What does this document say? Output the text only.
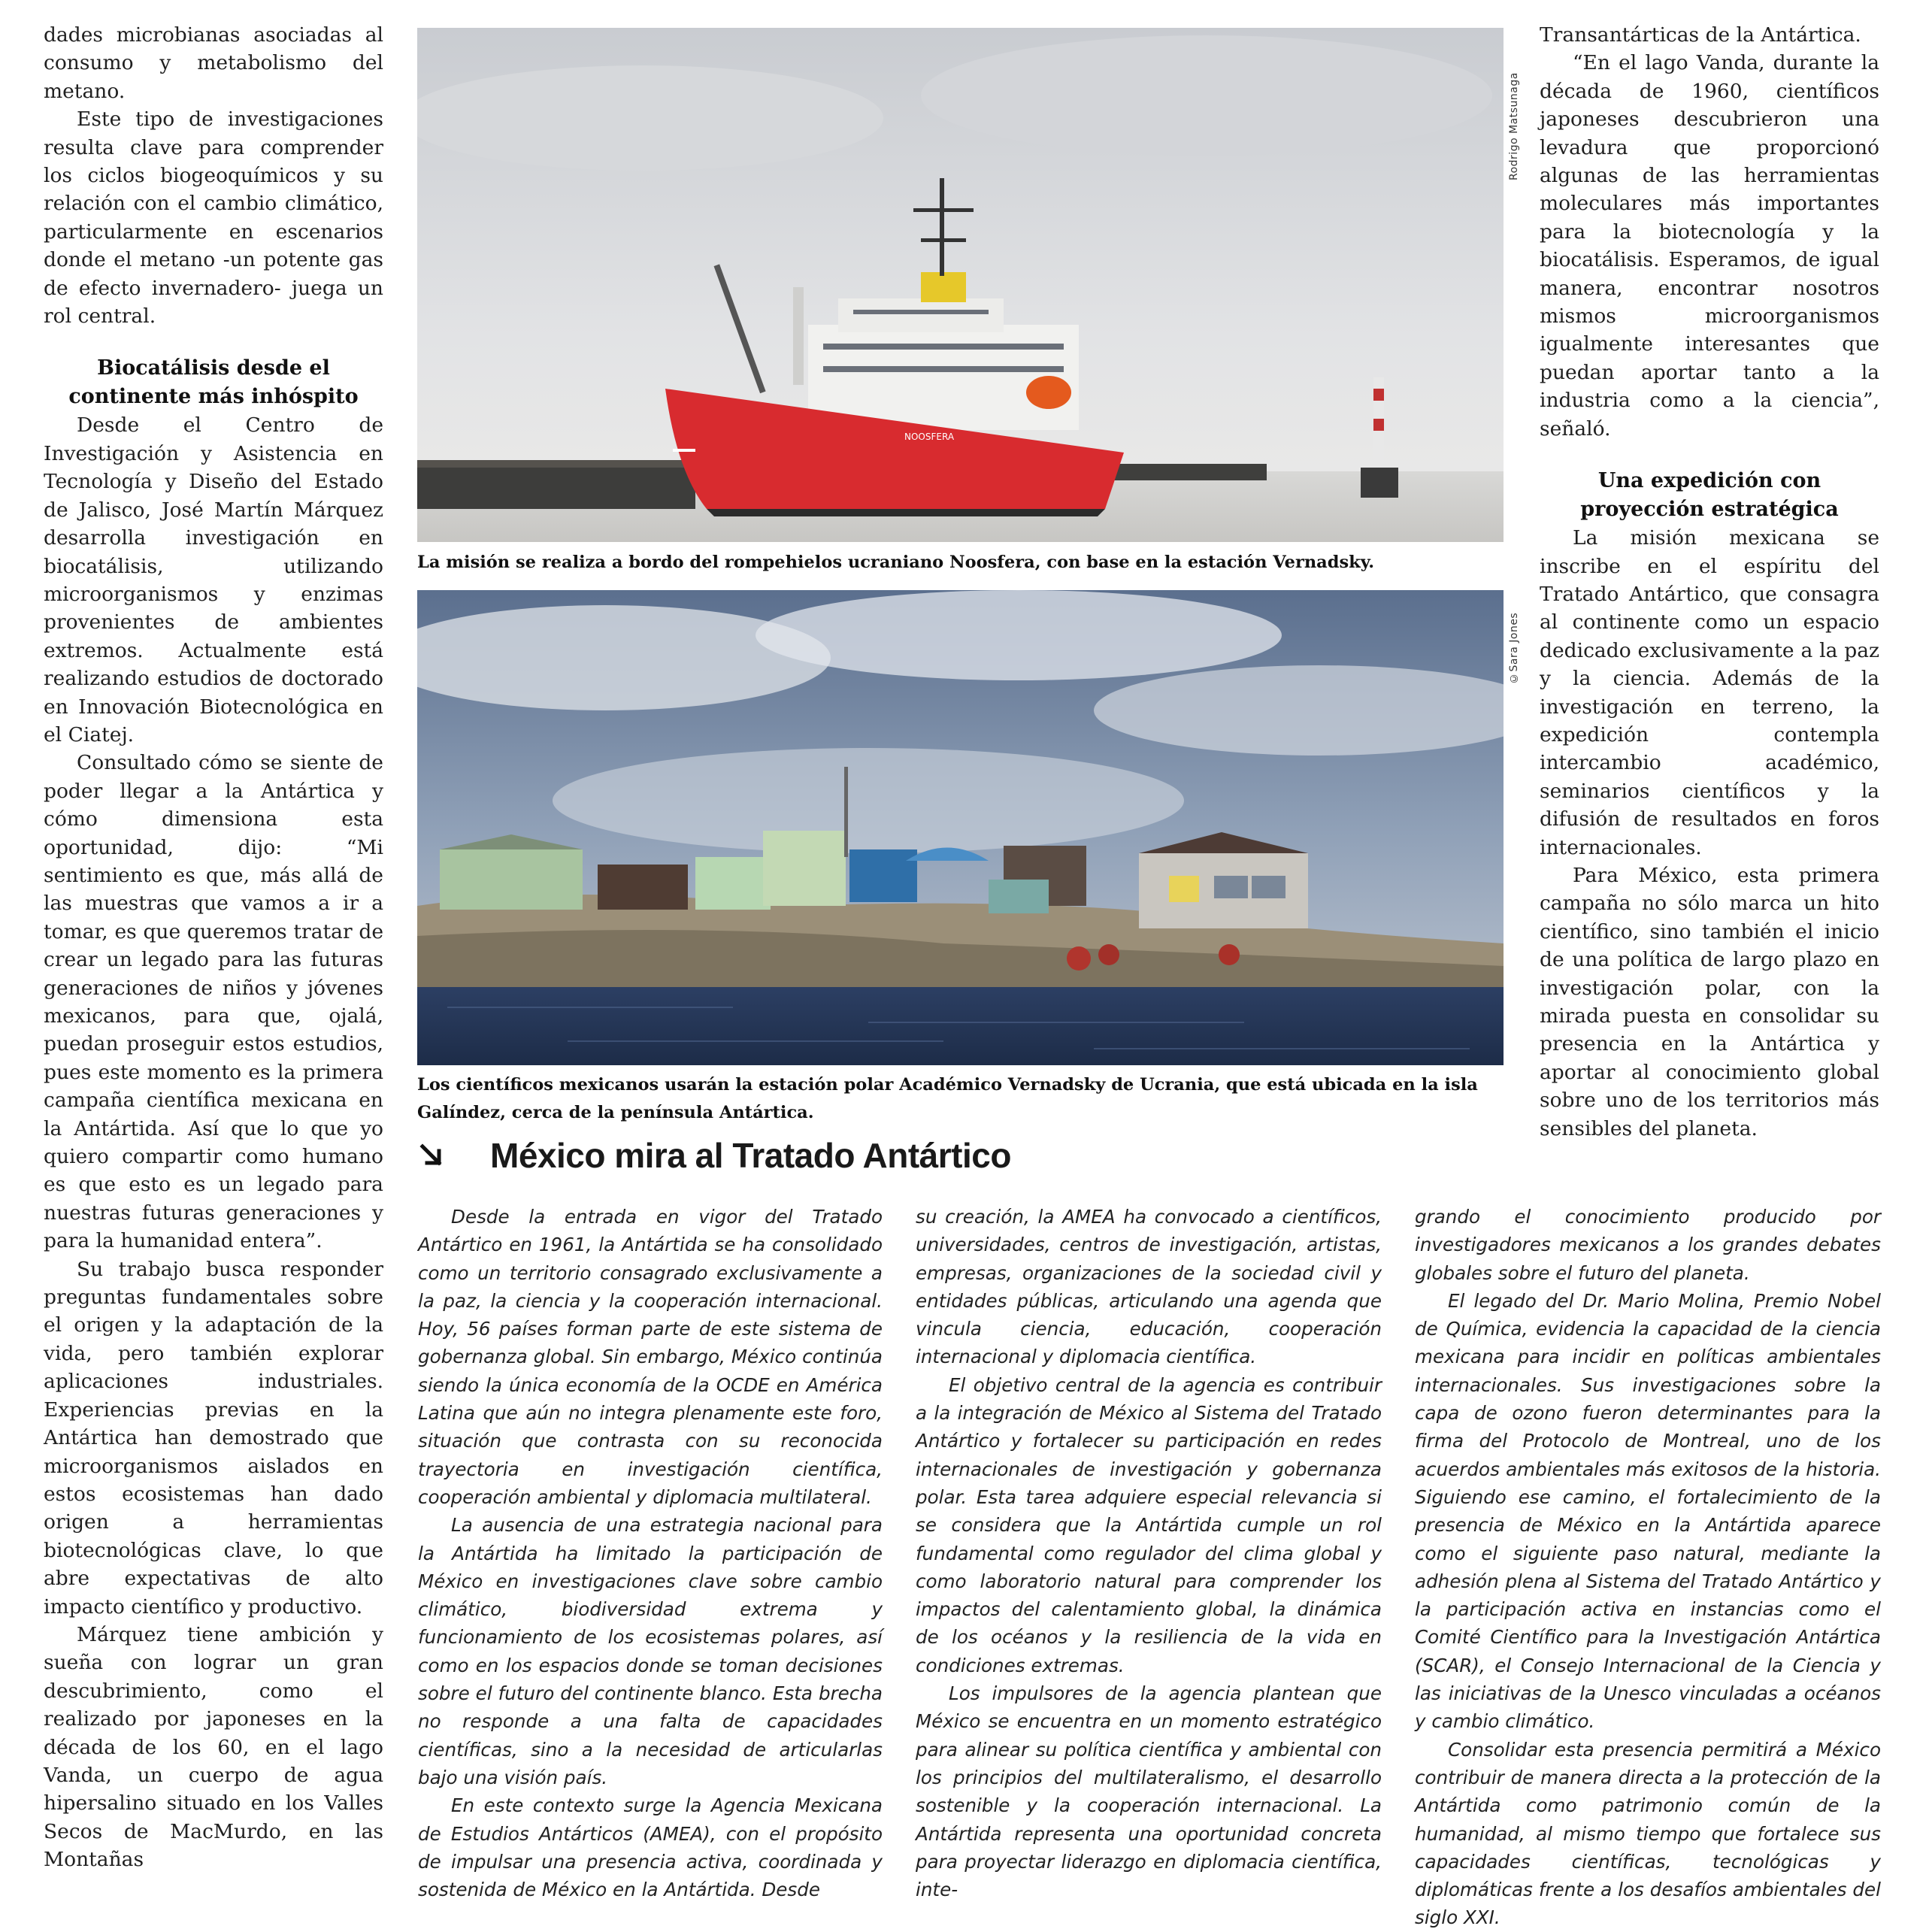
dades microbianas asociadas al consumo y metabolismo del metano.

Este tipo de investigaciones resulta clave para comprender los ciclos biogeoquímicos y su relación con el cambio climático, particularmente en escenarios donde el metano -un potente gas de efecto invernadero- juega un rol central.

Biocatálisis desde el continente más inhóspito

Desde el Centro de Investigación y Asistencia en Tecnología y Diseño del Estado de Jalisco, José Martín Márquez desarrolla investigación en biocatálisis, utilizando microorganismos y enzimas provenientes de ambientes extremos. Actualmente está realizando estudios de doctorado en Innovación Biotecnológica en el Ciatej.

Consultado cómo se siente de poder llegar a la Antártica y cómo dimensiona esta oportunidad, dijo: “Mi sentimiento es que, más allá de las muestras que vamos a ir a tomar, es que queremos tratar de crear un legado para las futuras generaciones de niños y jóvenes mexicanos, para que, ojalá, puedan proseguir estos estudios, pues este momento es la primera campaña científica mexicana en la Antártida. Así que lo que yo quiero compartir como humano es que esto es un legado para nuestras futuras generaciones y para la humanidad entera”.

Su trabajo busca responder preguntas fundamentales sobre el origen y la adaptación de la vida, pero también explorar aplicaciones industriales. Experiencias previas en la Antártica han demostrado que microorganismos aislados en estos ecosistemas han dado origen a herramientas biotecnológicas clave, lo que abre expectativas de alto impacto científico y productivo.

Márquez tiene ambición y sueña con lograr un gran descubrimiento, como el realizado por japoneses en la década de los 60, en el lago Vanda, un cuerpo de agua hipersalino situado en los Valles Secos de MacMurdo, en las Montañas

NOOSFERA
Rodrigo Matsunaga
La misión se realiza a bordo del rompehielos ucraniano Noosfera, con base en la estación Vernadsky.
©Sara Jones
Los científicos mexicanos usarán la estación polar Académico Vernadsky de Ucrania, que está ubicada en la isla Galíndez, cerca de la península Antártica.

Transantárticas de la Antártica.

“En el lago Vanda, durante la década de 1960, científicos japoneses descubrieron una levadura que proporcionó algunas de las herramientas moleculares más importantes para la biotecnología y la biocatálisis. Esperamos, de igual manera, encontrar nosotros mismos microorganismos igualmente interesantes que puedan aportar tanto a la industria como a la ciencia”, señaló.

Una expedición con proyección estratégica

La misión mexicana se inscribe en el espíritu del Tratado Antártico, que consagra al continente como un espacio dedicado exclusivamente a la paz y la ciencia. Además de la investigación en terreno, la expedición contempla intercambio académico, seminarios científicos y la difusión de resultados en foros internacionales.

Para México, esta primera campaña no sólo marca un hito científico, sino también el inicio de una política de largo plazo en investigación polar, con la mirada puesta en consolidar su presencia en la Antártica y aportar al conocimiento global sobre uno de los territorios más sensibles del planeta.

México mira al Tratado Antártico

Desde la entrada en vigor del Tratado Antártico en 1961, la Antártida se ha consolidado como un territorio consagrado exclusivamente a la paz, la ciencia y la cooperación internacional. Hoy, 56 países forman parte de este sistema de gobernanza global. Sin embargo, México continúa siendo la única economía de la OCDE en América Latina que aún no integra plenamente este foro, situación que contrasta con su reconocida trayectoria en investigación científica, cooperación ambiental y diplomacia multilateral.

La ausencia de una estrategia nacional para la Antártida ha limitado la participación de México en investigaciones clave sobre cambio climático, biodiversidad extrema y funcionamiento de los ecosistemas polares, así como en los espacios donde se toman decisiones sobre el futuro del continente blanco. Esta brecha no responde a una falta de capacidades científicas, sino a la necesidad de articularlas bajo una visión país.

En este contexto surge la Agencia Mexicana de Estudios Antárticos (AMEA), con el propósito de impulsar una presencia activa, coordinada y sostenida de México en la Antártida. Desde

su creación, la AMEA ha convocado a científicos, universidades, centros de investigación, artistas, empresas, organizaciones de la sociedad civil y entidades públicas, articulando una agenda que vincula ciencia, educación, cooperación internacional y diplomacia científica.

El objetivo central de la agencia es contribuir a la integración de México al Sistema del Tratado Antártico y fortalecer su participación en redes internacionales de investigación y gobernanza polar. Esta tarea adquiere especial relevancia si se considera que la Antártida cumple un rol fundamental como regulador del clima global y como laboratorio natural para comprender los impactos del calentamiento global, la dinámica de los océanos y la resiliencia de la vida en condiciones extremas.

Los impulsores de la agencia plantean que México se encuentra en un momento estratégico para alinear su política científica y ambiental con los principios del multilateralismo, el desarrollo sostenible y la cooperación internacional. La Antártida representa una oportunidad concreta para proyectar liderazgo en diplomacia científica, inte-

grando el conocimiento producido por investigadores mexicanos a los grandes debates globales sobre el futuro del planeta.

El legado del Dr. Mario Molina, Premio Nobel de Química, evidencia la capacidad de la ciencia mexicana para incidir en políticas ambientales internacionales. Sus investigaciones sobre la capa de ozono fueron determinantes para la firma del Protocolo de Montreal, uno de los acuerdos ambientales más exitosos de la historia. Siguiendo ese camino, el fortalecimiento de la presencia de México en la Antártida aparece como el siguiente paso natural, mediante la adhesión plena al Sistema del Tratado Antártico y la participación activa en instancias como el Comité Científico para la Investigación Antártica (SCAR), el Consejo Internacional de la Ciencia y las iniciativas de la Unesco vinculadas a océanos y cambio climático.

Consolidar esta presencia permitirá a México contribuir de manera directa a la protección de la Antártida como patrimonio común de la humanidad, al mismo tiempo que fortalece sus capacidades científicas, tecnológicas y diplomáticas frente a los desafíos ambientales del siglo XXI.
